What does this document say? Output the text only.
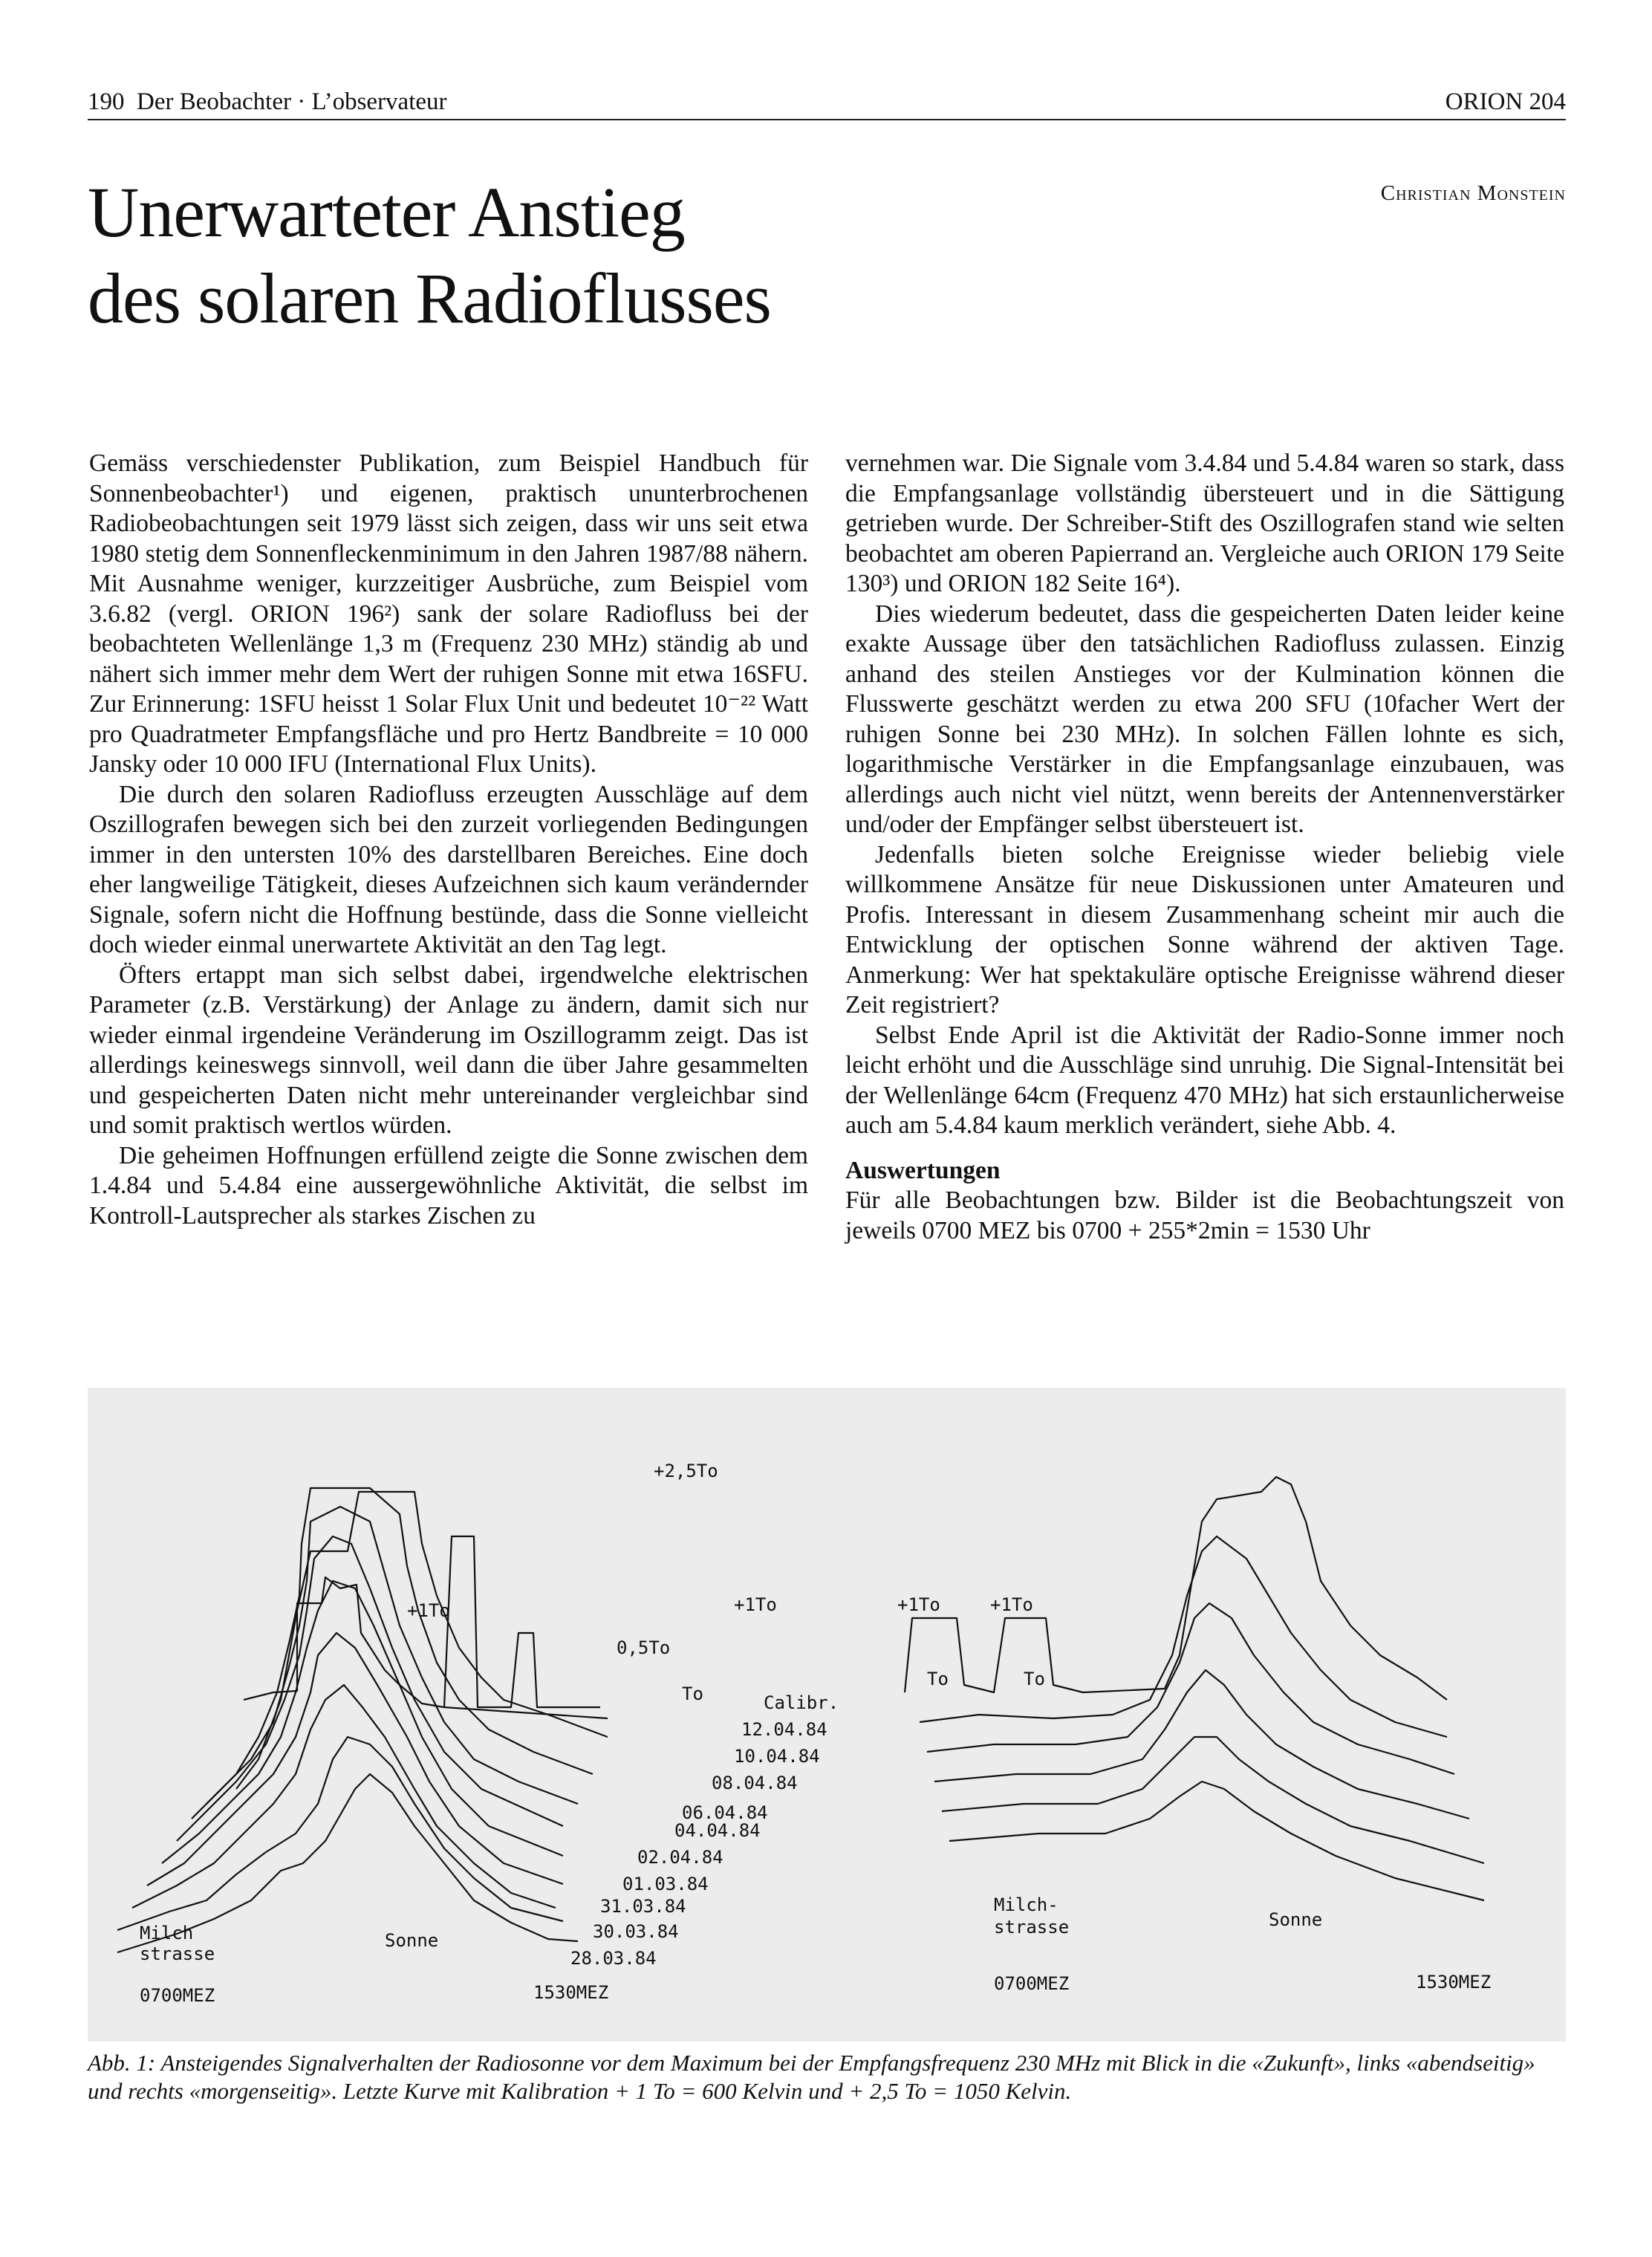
190 Der Beobachter · L’observateur	ORION 204
Unerwarteter Anstieg
des solaren Radioflusses
Christian Monstein

Gemäss verschiedenster Publikation, zum Beispiel Handbuch für Sonnenbeobachter¹) und eigenen, praktisch ununterbrochenen Radiobeobachtungen seit 1979 lässt sich zeigen, dass wir uns seit etwa 1980 stetig dem Sonnenfleckenminimum in den Jahren 1987/88 nähern. Mit Ausnahme weniger, kurzzeitiger Ausbrüche, zum Beispiel vom 3.6.82 (vergl. ORION 196²) sank der solare Radiofluss bei der beobachteten Wellenlänge 1,3 m (Frequenz 230 MHz) ständig ab und nähert sich immer mehr dem Wert der ruhigen Sonne mit etwa 16SFU. Zur Erinnerung: 1SFU heisst 1 Solar Flux Unit und bedeutet 10⁻²² Watt pro Quadratmeter Empfangsfläche und pro Hertz Bandbreite = 10 000 Jansky oder 10 000 IFU (International Flux Units).

Die durch den solaren Radiofluss erzeugten Ausschläge auf dem Oszillografen bewegen sich bei den zurzeit vorliegenden Bedingungen immer in den untersten 10% des darstellbaren Bereiches. Eine doch eher langweilige Tätigkeit, dieses Aufzeichnen sich kaum verändernder Signale, sofern nicht die Hoffnung bestünde, dass die Sonne vielleicht doch wieder einmal unerwartete Aktivität an den Tag legt.

Öfters ertappt man sich selbst dabei, irgendwelche elektrischen Parameter (z.B. Verstärkung) der Anlage zu ändern, damit sich nur wieder einmal irgendeine Veränderung im Oszillogramm zeigt. Das ist allerdings keineswegs sinnvoll, weil dann die über Jahre gesammelten und gespeicherten Daten nicht mehr untereinander vergleichbar sind und somit praktisch wertlos würden.

Die geheimen Hoffnungen erfüllend zeigte die Sonne zwischen dem 1.4.84 und 5.4.84 eine aussergewöhnliche Aktivität, die selbst im Kontroll-Lautsprecher als starkes Zischen zu

vernehmen war. Die Signale vom 3.4.84 und 5.4.84 waren so stark, dass die Empfangsanlage vollständig übersteuert und in die Sättigung getrieben wurde. Der Schreiber-Stift des Oszillografen stand wie selten beobachtet am oberen Papierrand an. Vergleiche auch ORION 179 Seite 130³) und ORION 182 Seite 16⁴).

Dies wiederum bedeutet, dass die gespeicherten Daten leider keine exakte Aussage über den tatsächlichen Radiofluss zulassen. Einzig anhand des steilen Anstieges vor der Kulmination können die Flusswerte geschätzt werden zu etwa 200 SFU (10facher Wert der ruhigen Sonne bei 230 MHz). In solchen Fällen lohnte es sich, logarithmische Verstärker in die Empfangsanlage einzubauen, was allerdings auch nicht viel nützt, wenn bereits der Antennenverstärker und/oder der Empfänger selbst übersteuert ist.

Jedenfalls bieten solche Ereignisse wieder beliebig viele willkommene Ansätze für neue Diskussionen unter Amateuren und Profis. Interessant in diesem Zusammenhang scheint mir auch die Entwicklung der optischen Sonne während der aktiven Tage. Anmerkung: Wer hat spektakuläre optische Ereignisse während dieser Zeit registriert?

Selbst Ende April ist die Aktivität der Radio-Sonne immer noch leicht erhöht und die Ausschläge sind unruhig. Die Signal-Intensität bei der Wellenlänge 64cm (Frequenz 470 MHz) hat sich erstaunlicherweise auch am 5.4.84 kaum merklich verändert, siehe Abb. 4.

Auswertungen

Für alle Beobachtungen bzw. Bilder ist die Beobachtungszeit von jeweils 0700 MEZ bis 0700 + 255*2min = 1530 Uhr

+2,5To
+1To	+1To
0,5To
To	Calibr.
12.04.84
10.04.84
08.04.84
06.04.84
04.04.84
02.04.84
01.03.84
31.03.84
30.03.84
28.03.84
Milch
strasse
Sonne
0700MEZ	1530MEZ
+1To	+1To
To	To
Milch-
strasse	Sonne
0700MEZ	1530MEZ
Abb. 1: Ansteigendes Signalverhalten der Radiosonne vor dem Maximum bei der Empfangsfrequenz 230 MHz mit Blick in die «Zukunft», links «abendseitig» und rechts «morgenseitig». Letzte Kurve mit Kalibration + 1 To = 600 Kelvin und + 2,5 To = 1050 Kelvin.
